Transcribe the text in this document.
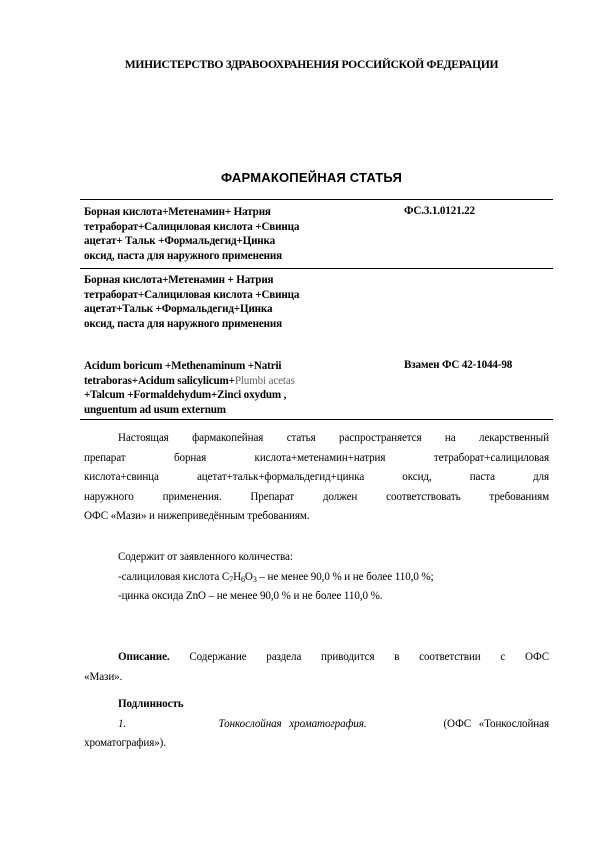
МИНИСТЕРСТВО ЗДРАВООХРАНЕНИЯ РОССИЙСКОЙ ФЕДЕРАЦИИ
ФАРМАКОПЕЙНАЯ СТАТЬЯ
Борная кислота+Метенамин+ Натрия
тетраборат+Салициловая кислота +Свинца
ацетат+ Тальк +Формальдегид+Цинка
оксид, паста для наружного применения
ФС.3.1.0121.22
Борная кислота+Метенамин + Натрия
тетраборат+Салициловая кислота +Свинца
ацетат+Тальк +Формальдегид+Цинка
оксид, паста для наружного применения
Acidum boricum +Methenaminum +Natrii
tetraboras+Acidum salicylicum+Plumbi acetas
+Talcum +Formaldehydum+Zinci oxydum ,
unguentum ad usum externum
Взамен ФС 42-1044-98
Настоящая фармакопейная статья распространяется на лекарственный
препарат борная кислота+метенамин+натрия тетраборат+салициловая
кислота+свинца ацетат+тальк+формальдегид+цинка оксид, паста для
наружного применения. Препарат должен соответствовать требованиям
ОФС «Мази» и нижеприведённым требованиям.
Содержит от заявленного количества:
-салициловая кислота $C_7H_6O_3$ – не менее 90,0 % и не более 110,0 %;
-цинка оксида ZnO – не менее 90,0 % и не более 110,0 %.
Описание. Содержание раздела приводится в соответствии с ОФС
«Мази».
Подлинность
1.	Тонкослойная хроматография.	(ОФС «Тонкослойная
хроматография»).
